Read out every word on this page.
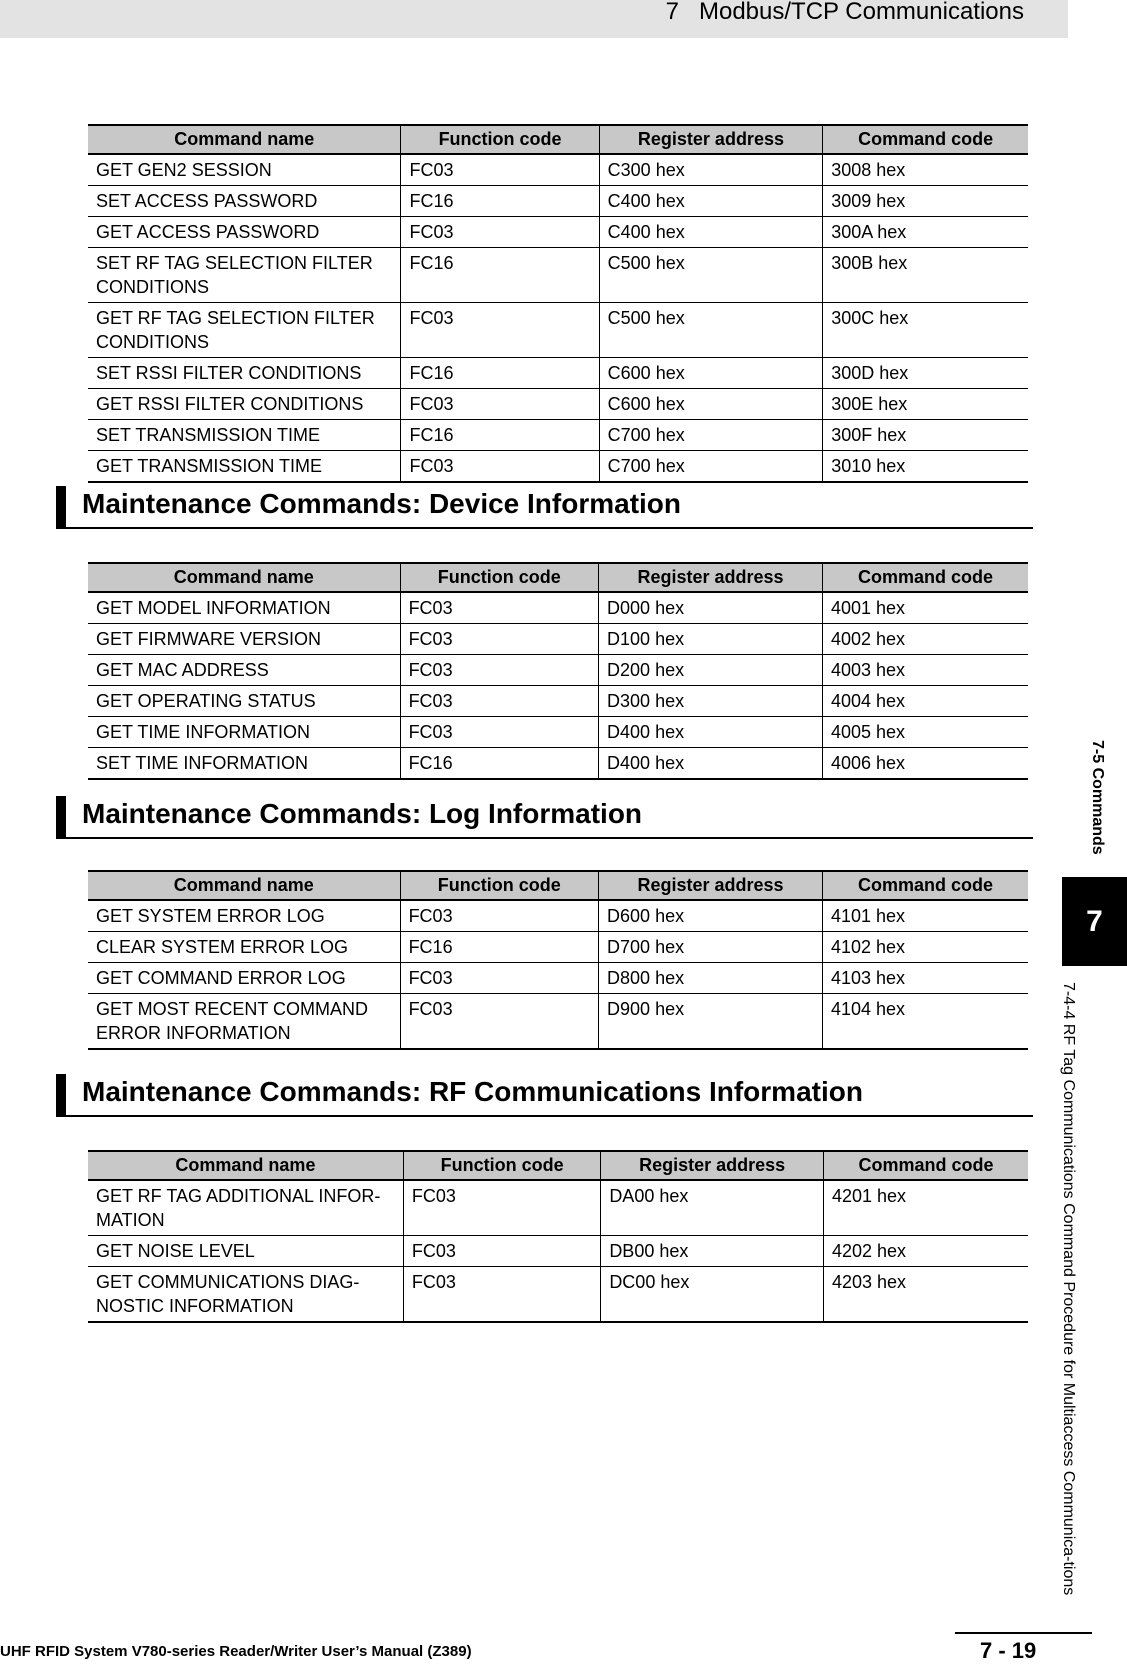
7   Modbus/TCP Communications
Command name	Function code	Register address	Command code
GET GEN2 SESSION	FC03	C300 hex	3008 hex
SET ACCESS PASSWORD	FC16	C400 hex	3009 hex
GET ACCESS PASSWORD	FC03	C400 hex	300A hex
SET RF TAG SELECTION FILTER CONDITIONS	FC16	C500 hex	300B hex
GET RF TAG SELECTION FILTER CONDITIONS	FC03	C500 hex	300C hex
SET RSSI FILTER CONDITIONS	FC16	C600 hex	300D hex
GET RSSI FILTER CONDITIONS	FC03	C600 hex	300E hex
SET TRANSMISSION TIME	FC16	C700 hex	300F hex
GET TRANSMISSION TIME	FC03	C700 hex	3010 hex
Maintenance Commands: Device Information
Command name	Function code	Register address	Command code
GET MODEL INFORMATION	FC03	D000 hex	4001 hex
GET FIRMWARE VERSION	FC03	D100 hex	4002 hex
GET MAC ADDRESS	FC03	D200 hex	4003 hex
GET OPERATING STATUS	FC03	D300 hex	4004 hex
GET TIME INFORMATION	FC03	D400 hex	4005 hex
SET TIME INFORMATION	FC16	D400 hex	4006 hex
Maintenance Commands: Log Information
Command name	Function code	Register address	Command code
GET SYSTEM ERROR LOG	FC03	D600 hex	4101 hex
CLEAR SYSTEM ERROR LOG	FC16	D700 hex	4102 hex
GET COMMAND ERROR LOG	FC03	D800 hex	4103 hex
GET MOST RECENT COMMAND ERROR INFORMATION	FC03	D900 hex	4104 hex
Maintenance Commands: RF Communications Information
Command name	Function code	Register address	Command code
GET RF TAG ADDITIONAL INFOR-MATION	FC03	DA00 hex	4201 hex
GET NOISE LEVEL	FC03	DB00 hex	4202 hex
GET COMMUNICATIONS DIAG-NOSTIC INFORMATION	FC03	DC00 hex	4203 hex
7-5 Commands
7
7-4-4 RF Tag Communications Command Procedure for Multiaccess Communica-tions
UHF RFID System V780-series Reader/Writer User’s Manual (Z389)	7 - 19
